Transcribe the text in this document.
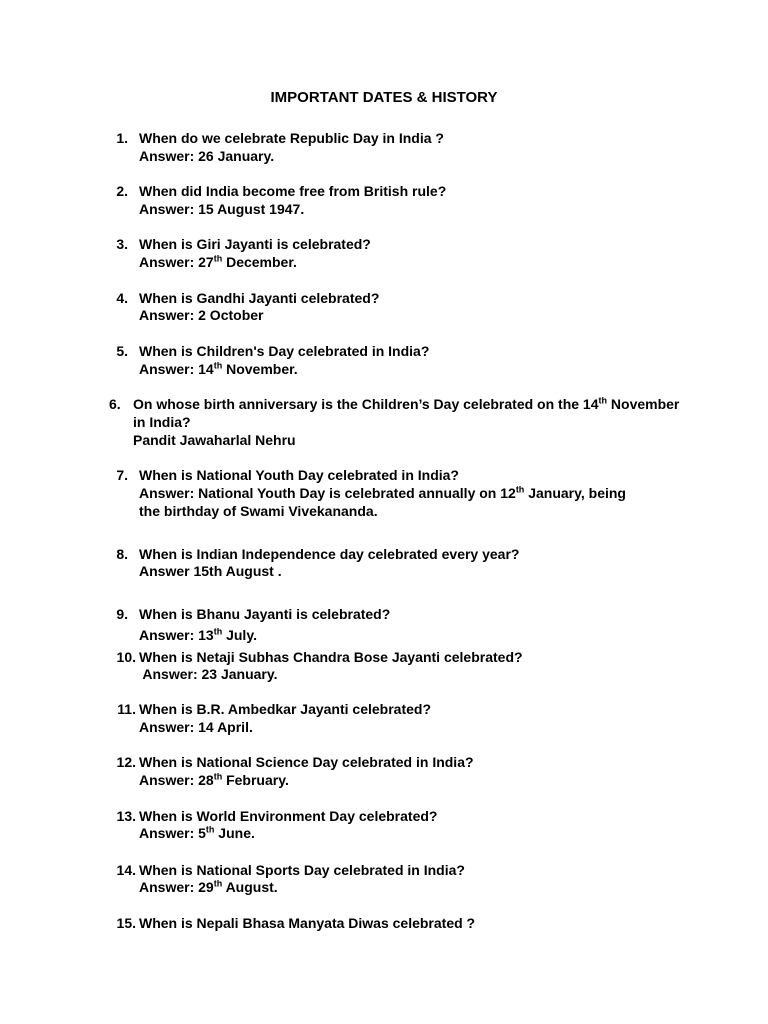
IMPORTANT DATES & HISTORY
1. When do we celebrate Republic Day in India ?
Answer: 26 January.
2. When did India become free from British rule?
Answer: 15 August 1947.
3. When is Giri Jayanti is celebrated?
Answer: 27th December.
4. When is Gandhi Jayanti celebrated?
Answer: 2 October
5. When is Children's Day celebrated in India?
Answer: 14th November.
6. On whose birth anniversary is the Children’s Day celebrated on the 14th November
in India?
Pandit Jawaharlal Nehru
7. When is National Youth Day celebrated in India?
Answer: National Youth Day is celebrated annually on 12th January, being
the birthday of Swami Vivekananda.
8. When is Indian Independence day celebrated every year?
Answer 15th August .
9. When is Bhanu Jayanti is celebrated?
Answer: 13th July.
10. When is Netaji Subhas Chandra Bose Jayanti celebrated?
Answer: 23 January.
11. When is B.R. Ambedkar Jayanti celebrated?
Answer: 14 April.
12. When is National Science Day celebrated in India?
Answer: 28th February.
13. When is World Environment Day celebrated?
Answer: 5th June.
14. When is National Sports Day celebrated in India?
Answer: 29th August.
15. When is Nepali Bhasa Manyata Diwas celebrated ?
